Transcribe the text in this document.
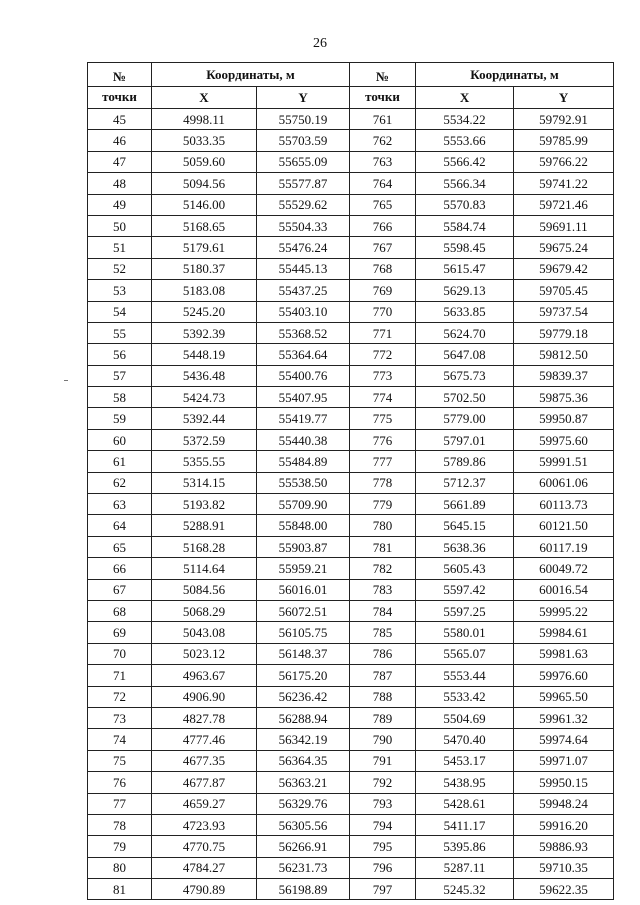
26
№	Координаты, м		№	Координаты, м	
точки	X	Y	точки	X	Y
45	4998.11	55750.19	761	5534.22	59792.91
46	5033.35	55703.59	762	5553.66	59785.99
47	5059.60	55655.09	763	5566.42	59766.22
48	5094.56	55577.87	764	5566.34	59741.22
49	5146.00	55529.62	765	5570.83	59721.46
50	5168.65	55504.33	766	5584.74	59691.11
51	5179.61	55476.24	767	5598.45	59675.24
52	5180.37	55445.13	768	5615.47	59679.42
53	5183.08	55437.25	769	5629.13	59705.45
54	5245.20	55403.10	770	5633.85	59737.54
55	5392.39	55368.52	771	5624.70	59779.18
56	5448.19	55364.64	772	5647.08	59812.50
57	5436.48	55400.76	773	5675.73	59839.37
58	5424.73	55407.95	774	5702.50	59875.36
59	5392.44	55419.77	775	5779.00	59950.87
60	5372.59	55440.38	776	5797.01	59975.60
61	5355.55	55484.89	777	5789.86	59991.51
62	5314.15	55538.50	778	5712.37	60061.06
63	5193.82	55709.90	779	5661.89	60113.73
64	5288.91	55848.00	780	5645.15	60121.50
65	5168.28	55903.87	781	5638.36	60117.19
66	5114.64	55959.21	782	5605.43	60049.72
67	5084.56	56016.01	783	5597.42	60016.54
68	5068.29	56072.51	784	5597.25	59995.22
69	5043.08	56105.75	785	5580.01	59984.61
70	5023.12	56148.37	786	5565.07	59981.63
71	4963.67	56175.20	787	5553.44	59976.60
72	4906.90	56236.42	788	5533.42	59965.50
73	4827.78	56288.94	789	5504.69	59961.32
74	4777.46	56342.19	790	5470.40	59974.64
75	4677.35	56364.35	791	5453.17	59971.07
76	4677.87	56363.21	792	5438.95	59950.15
77	4659.27	56329.76	793	5428.61	59948.24
78	4723.93	56305.56	794	5411.17	59916.20
79	4770.75	56266.91	795	5395.86	59886.93
80	4784.27	56231.73	796	5287.11	59710.35
81	4790.89	56198.89	797	5245.32	59622.35
